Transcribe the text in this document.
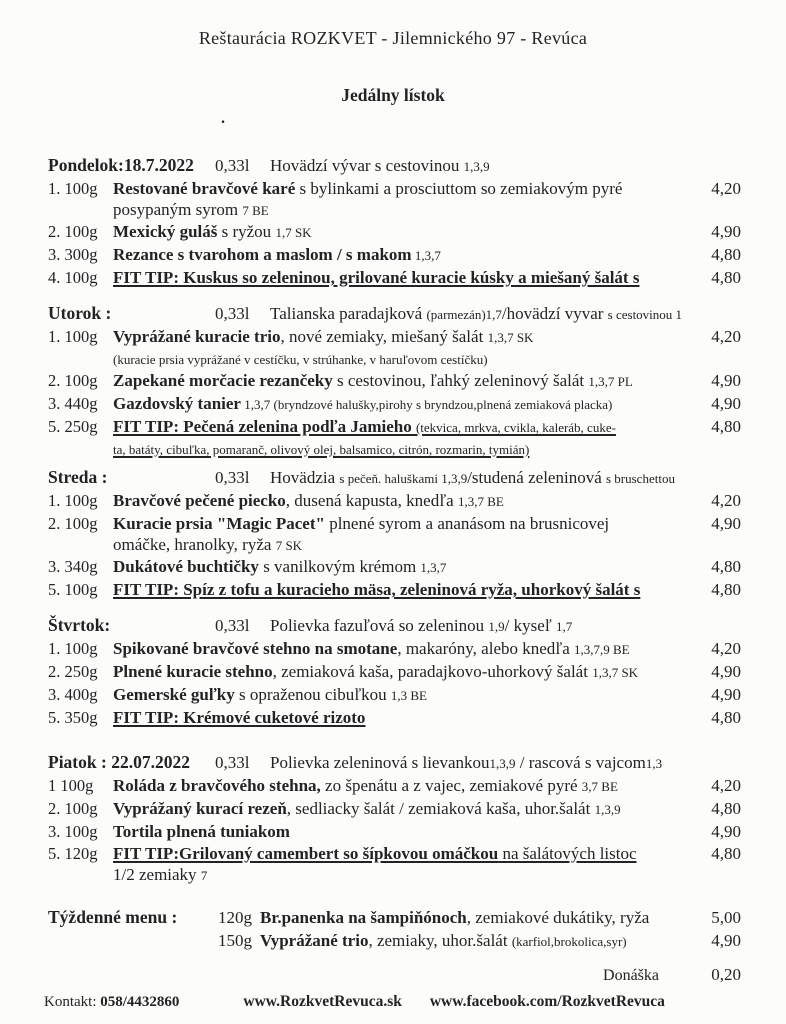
Reštaurácia ROZKVET - Jilemnického 97 - Revúca
Jedálny lístok
.
Pondelok:18.7.2022	0,33l	Hovädzí vývar s cestovinou 1,3,9
1. 100g Restované bravčové karé s bylinkami a prosciuttom so zemiakovým pyré	4,20
posypaným syrom 7 BE
2. 100g Mexický guláš s ryžou 1,7 SK	4,90
3. 300g Rezance s tvarohom a maslom / s makom 1,3,7	4,80
4. 100g FIT TIP: Kuskus so zeleninou, grilované kuracie kúsky a miešaný šalát s	4,80
Utorok :	0,33l	Talianska paradajková (parmezán)1,7/hovädzí vyvar s cestovinou 1
1. 100g Vyprážané kuracie trio, nové zemiaky, miešaný šalát 1,3,7 SK	4,20
(kuracie prsia vyprážané v cestíčku, v strúhanke, v haruľovom cestíčku)
2. 100g Zapekané morčacie rezančeky s cestovinou, ľahký zeleninový šalát 1,3,7 PL	4,90
3. 440g Gazdovský tanier 1,3,7 (bryndzové halušky,pirohy s bryndzou,plnená zemiaková placka)	4,90
5. 250g FIT TIP: Pečená zelenina podľa Jamieho (tekvica, mrkva, cvikla, kaleráb, cuke-	4,80
ta, batáty, cibuľka, pomaranč, olivový olej, balsamico, citrón, rozmarin, tymián)
Streda :	0,33l	Hovädzia s pečeň. haluškami 1,3,9/studená zeleninová s bruschettou
1. 100g Bravčové pečené piecko, dusená kapusta, knedľa 1,3,7 BE	4,20
2. 100g Kuracie prsia "Magic Pacet" plnené syrom a ananásom na brusnicovej	4,90
omáčke, hranolky, ryža 7 SK
3. 340g Dukátové buchtičky s vanilkovým krémom 1,3,7	4,80
5. 100g FIT TIP: Spíz z tofu a kuracieho mäsa, zeleninová ryža, uhorkový šalát s	4,80
Štvrtok:	0,33l	Polievka fazuľová so zeleninou 1,9/ kyseľ 1,7
1. 100g Spikované bravčové stehno na smotane, makaróny, alebo knedľa 1,3,7,9 BE	4,20
2. 250g Plnené kuracie stehno, zemiaková kaša, paradajkovo-uhorkový šalát 1,3,7 SK	4,90
3. 400g Gemerské guľky s opraženou cibuľkou 1,3 BE	4,90
5. 350g FIT TIP: Krémové cuketové rizoto	4,80
Piatok : 22.07.2022	0,33l	Polievka zeleninová s lievankou1,3,9 / rascová s vajcom1,3
1 100g	Roláda z bravčového stehna, zo špenátu a z vajec, zemiakové pyré 3,7 BE	4,20
2. 100g Vyprážaný kurací rezeň, sedliacky šalát / zemiaková kaša, uhor.šalát 1,3,9	4,80
3. 100g Tortila plnená tuniakom	4,90
5. 120g FIT TIP:Grilovaný camembert so šípkovou omáčkou na šalátových listoc	4,80
1/2 zemiaky 7
Týždenné menu :	120g Br.panenka na šampiňónoch, zemiakové dukátiky, ryža	5,00
150g Vyprážané trio, zemiaky, uhor.šalát (karfiol,brokolica,syr)	4,90
Donáška	0,20
Kontakt: 058/4432860	www.RozkvetRevuca.sk www.facebook.com/RozkvetRevuca
